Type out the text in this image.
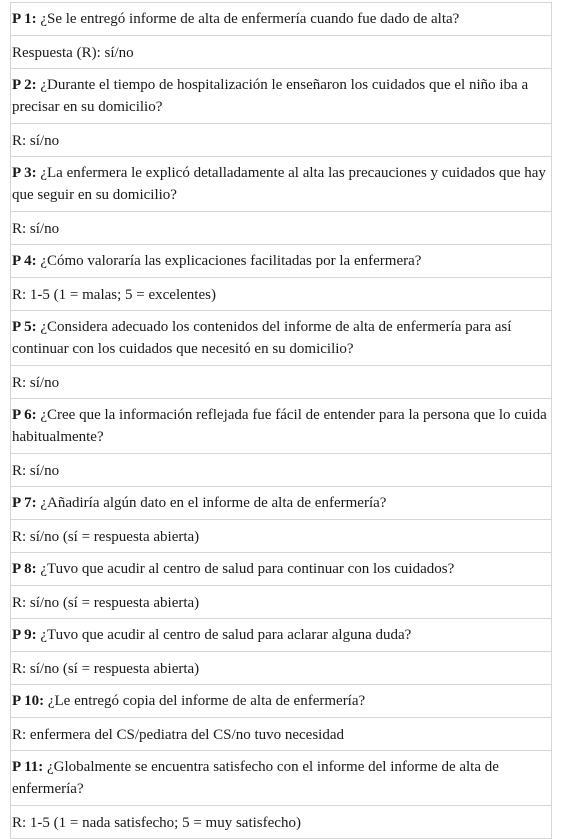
P 1: ¿Se le entregó informe de alta de enfermería cuando fue dado de alta?
Respuesta (R): sí/no
P 2: ¿Durante el tiempo de hospitalización le enseñaron los cuidados que el niño iba a precisar en su domicilio?
R: sí/no
P 3: ¿La enfermera le explicó detalladamente al alta las precauciones y cuidados que hay que seguir en su domicilio?
R: sí/no
P 4: ¿Cómo valoraría las explicaciones facilitadas por la enfermera?
R: 1-5 (1 = malas; 5 = excelentes)
P 5: ¿Considera adecuado los contenidos del informe de alta de enfermería para así continuar con los cuidados que necesitó en su domicilio?
R: sí/no
P 6: ¿Cree que la información reflejada fue fácil de entender para la persona que lo cuida habitualmente?
R: sí/no
P 7: ¿Añadiría algún dato en el informe de alta de enfermería?
R: sí/no (sí = respuesta abierta)
P 8: ¿Tuvo que acudir al centro de salud para continuar con los cuidados?
R: sí/no (sí = respuesta abierta)
P 9: ¿Tuvo que acudir al centro de salud para aclarar alguna duda?
R: sí/no (sí = respuesta abierta)
P 10: ¿Le entregó copia del informe de alta de enfermería?
R: enfermera del CS/pediatra del CS/no tuvo necesidad
P 11: ¿Globalmente se encuentra satisfecho con el informe del informe de alta de enfermería?
R: 1-5 (1 = nada satisfecho; 5 = muy satisfecho)
